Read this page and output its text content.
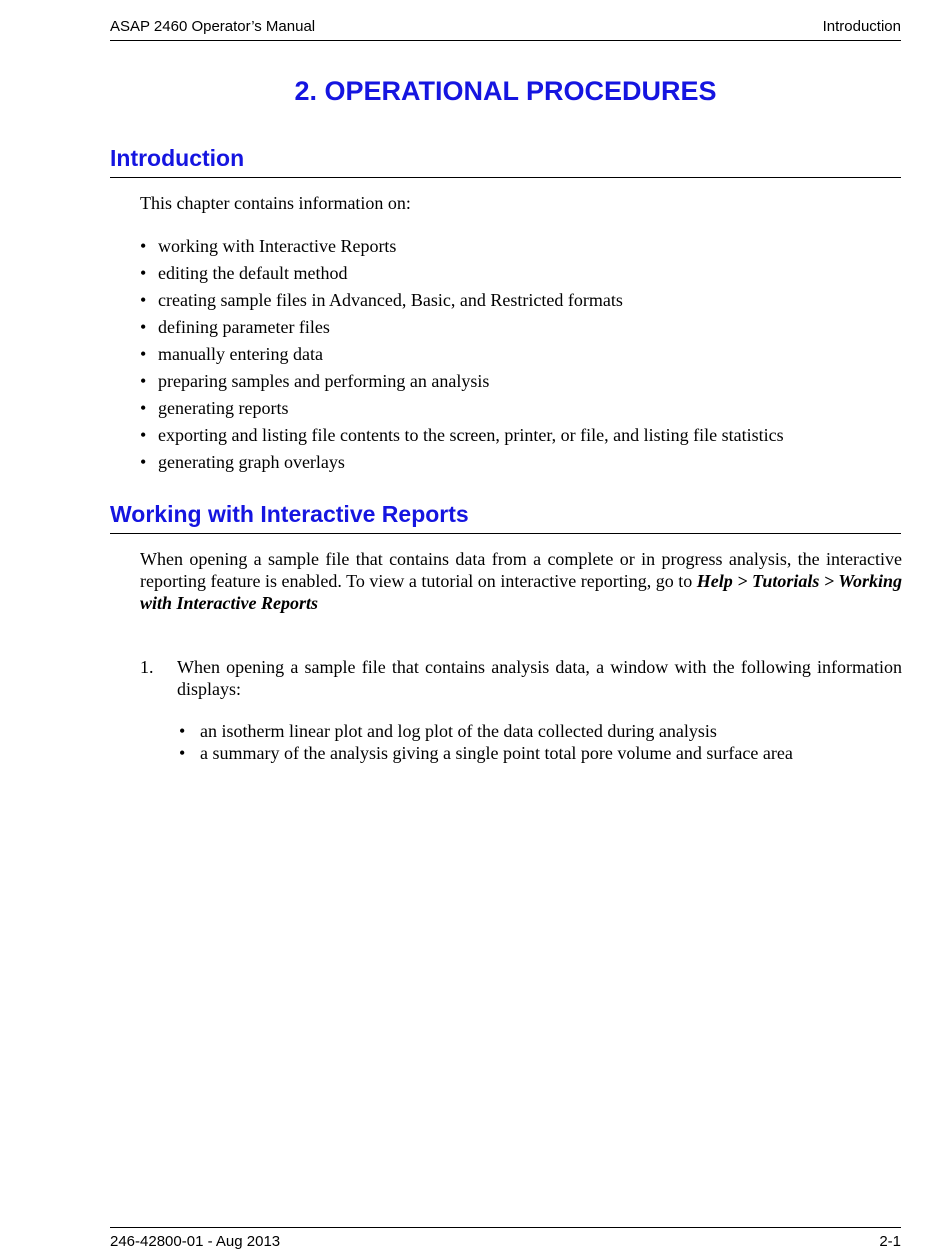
ASAP 2460 Operator’s Manual	Introduction
2. OPERATIONAL PROCEDURES
Introduction
This chapter contains information on:
• working with Interactive Reports
• editing the default method
• creating sample files in Advanced, Basic, and Restricted formats
• defining parameter files
• manually entering data
• preparing samples and performing an analysis
• generating reports
• exporting and listing file contents to the screen, printer, or file, and listing file statistics
• generating graph overlays
Working with Interactive Reports
When opening a sample file that contains data from a complete or in progress analysis, the interactive reporting feature is enabled. To view a tutorial on interactive reporting, go to Help > Tutorials > Working with Interactive Reports
1. When opening a sample file that contains analysis data, a window with the following information displays:
• an isotherm linear plot and log plot of the data collected during analysis
• a summary of the analysis giving a single point total pore volume and surface area
246-42800-01 - Aug 2013	2-1
